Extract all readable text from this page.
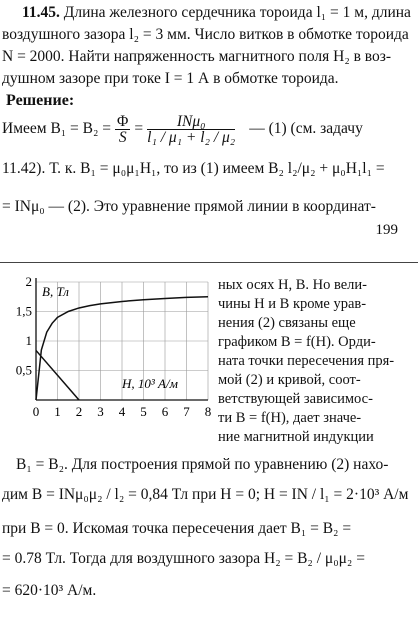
11.45. Длина железного сердечника тороида l₁ = 1 м, длина
воздушного зазора l₂ = 3 мм. Число витков в обмотке тороида
N = 2000. Найти напряженность магнитного поля H₂ в воз-
душном зазоре при токе I = 1 А в обмотке тороида.
Решение:
Имеем $B_1 = B_2 = \frac{\Phi}{S} = \frac{\text{INμ₀}}{\text{l₁ / μ₁ + l₂ / μ₂}}$ — (1) (см. задачу
11.42). Т. к. B₁ = μ₀μ₁H₁, то из (1) имеем B₂ l₂/μ₂ + μ₀H₁l₁ =
= INμ₀ — (2). Это уравнение прямой линии в координат-
199
0 1 2 3 4 5 6 7 8
0,5
1
1,5
2
B, Тл
H, 10³ А/м
ных осях H, B. Но вели-
чины H и B кроме урав-
нения (2) связаны еще
графиком B = f(H). Орди-
ната точки пересечения пря-
мой (2) и кривой, соот-
ветствующей зависимос-
ти B = f(H), дает значе-
ние магнитной индукции
B₁ = B₂. Для построения прямой по уравнению (2) нахо-
дим B = INμ₀μ₂ / l₂ = 0,84 Тл при H = 0; H = IN / l₁ = 2·10³ А/м
при B = 0. Искомая точка пересечения дает B₁ = B₂ =
= 0.78 Тл. Тогда для воздушного зазора H₂ = B₂ / μ₀μ₂ =
= 620·10³ А/м.
